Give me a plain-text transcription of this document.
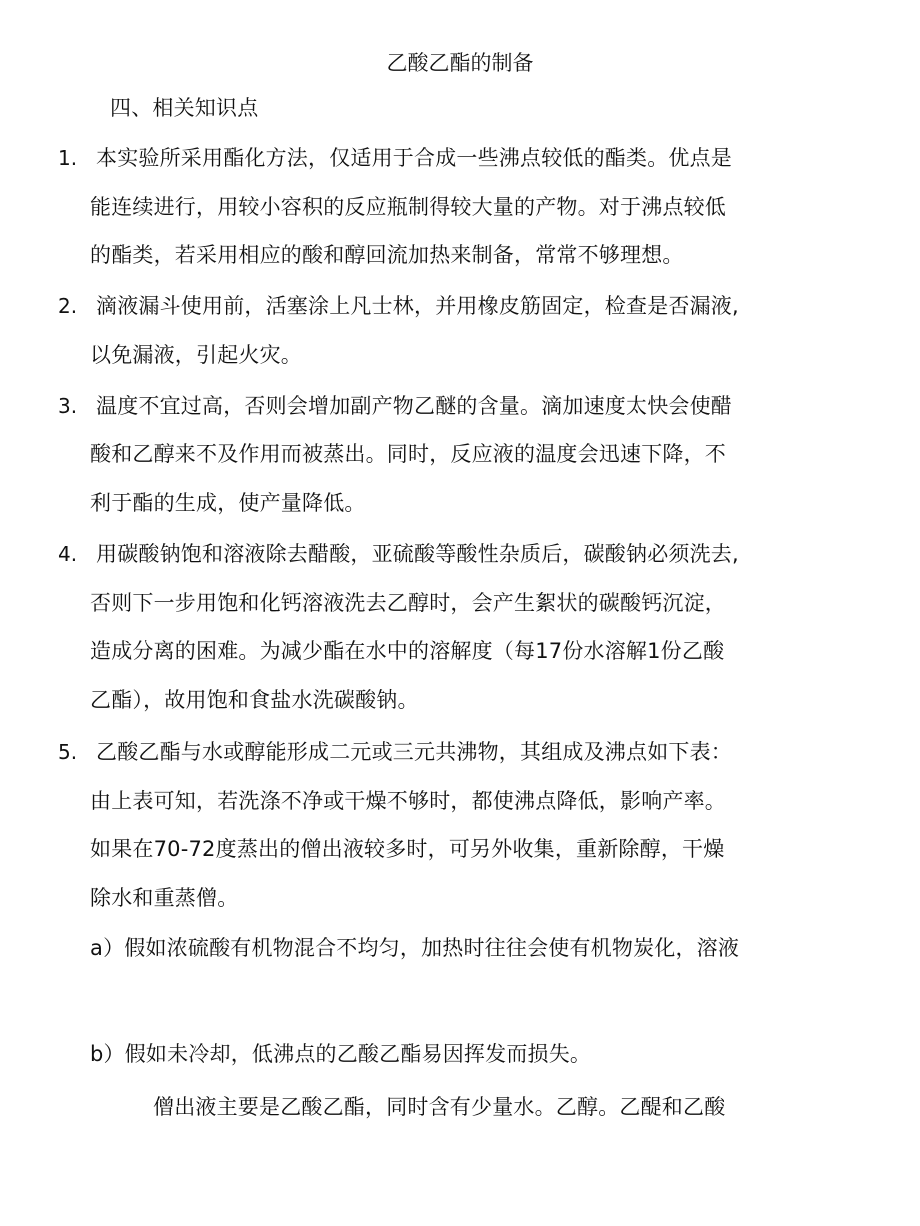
乙酸乙酯的制备
四、相关知识点
1. 本实验所采用酯化方法，仅适用于合成一些沸点较低的酯类。优点是
能连续进行，用较小容积的反应瓶制得较大量的产物。对于沸点较低
的酯类，若采用相应的酸和醇回流加热来制备，常常不够理想。
2. 滴液漏斗使用前，活塞涂上凡士林，并用橡皮筋固定，检查是否漏液,
以免漏液，引起火灾。
3. 温度不宜过高，否则会增加副产物乙醚的含量。滴加速度太快会使醋
酸和乙醇来不及作用而被蒸出。同时，反应液的温度会迅速下降，不
利于酯的生成，使产量降低。
4. 用碳酸钠饱和溶液除去醋酸，亚硫酸等酸性杂质后，碳酸钠必须洗去,
否则下一步用饱和化钙溶液洗去乙醇时，会产生絮状的碳酸钙沉淀，
造成分离的困难。为减少酯在水中的溶解度（每17份水溶解1份乙酸
乙酯），故用饱和食盐水洗碳酸钠。
5. 乙酸乙酯与水或醇能形成二元或三元共沸物，其组成及沸点如下表：
由上表可知，若洗涤不净或干燥不够时，都使沸点降低，影响产率。
如果在70-72度蒸出的僧出液较多时，可另外收集，重新除醇，干燥
除水和重蒸僧。
a）假如浓硫酸有机物混合不均匀，加热时往往会使有机物炭化，溶液
b）假如未冷却，低沸点的乙酸乙酯易因挥发而损失。
僧出液主要是乙酸乙酯，同时含有少量水。乙醇。乙醍和乙酸
